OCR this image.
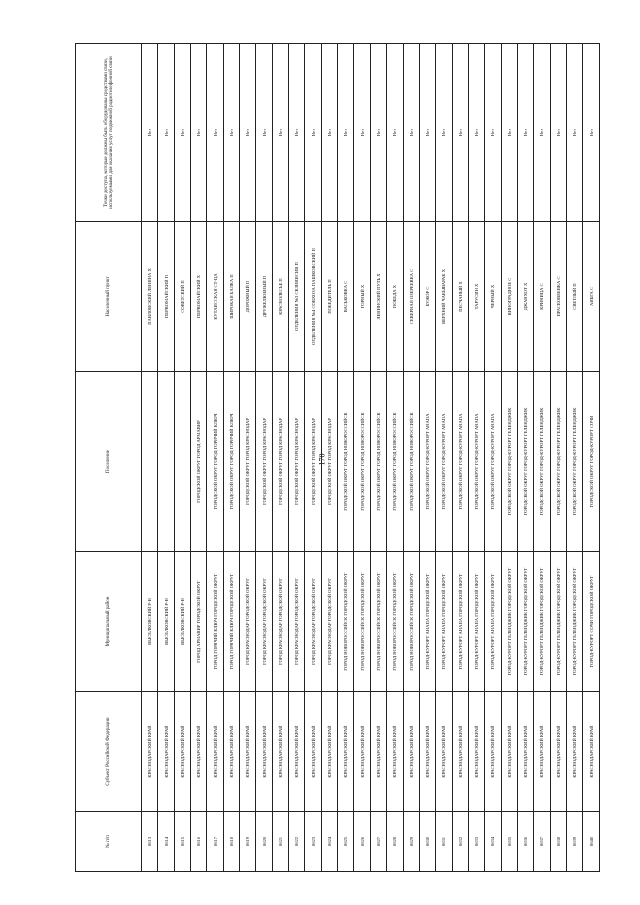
170
№ п/п	Субъект Российской Федерации	Муниципальный район	Поселение	Населенный пункт	Точки доступа, которые должны быть оборудованы средствами связи, используемыми для оказания услуг подвижной радиотелефонной связи
8613	КРАСНОДАРСКИЙ КРАЙ	ВЫСЕЛКОВСКИЙ Р-Н		ПАВЛОВСКИЙ ЛЕНИНА Х	Нет
8614	КРАСНОДАРСКИЙ КРАЙ	ВЫСЕЛКОВСКИЙ Р-Н		ПЕРВОМАЙСКИЙ П	Нет
8615	КРАСНОДАРСКИЙ КРАЙ	ВЫСЕЛКОВСКИЙ Р-Н		СОВЕТСКИЙ П	Нет
8616	КРАСНОДАРСКИЙ КРАЙ	ГОРОД АРМАВИР ГОРОДСКОЙ ОКРУГ	ГОРОДСКОЙ ОКРУГ ГОРОД АРМАВИР	ПЕРВОМАЙСКИЙ Х	Нет
8617	КРАСНОДАРСКИЙ КРАЙ	ГОРОД ГОРЯЧИЙ КЛЮЧ ГОРОДСКОЙ ОКРУГ	ГОРОДСКОЙ ОКРУГ ГОРОД ГОРЯЧИЙ КЛЮЧ	КУТАИССКАЯ СТ-ЦА	Нет
8618	КРАСНОДАРСКИЙ КРАЙ	ГОРОД ГОРЯЧИЙ КЛЮЧ ГОРОДСКОЙ ОКРУГ	ГОРОДСКОЙ ОКРУГ ГОРОД ГОРЯЧИЙ КЛЮЧ	ШИРОКАЯ БАЛКА П	Нет
8619	КРАСНОДАРСКИЙ КРАЙ	ГОРОД КРАСНОДАР ГОРОДСКОЙ ОКРУГ	ГОРОДСКОЙ ОКРУГ ГОРОД КРАСНОДАР	ДОРОЖНЫЙ П	Нет
8620	КРАСНОДАРСКИЙ КРАЙ	ГОРОД КРАСНОДАР ГОРОДСКОЙ ОКРУГ	ГОРОДСКОЙ ОКРУГ ГОРОД КРАСНОДАР	ДРУЖЕЛЮБНЫЙ П	Нет
8621	КРАСНОДАРСКИЙ КРАЙ	ГОРОД КРАСНОДАР ГОРОДСКОЙ ОКРУГ	ГОРОДСКОЙ ОКРУГ ГОРОД КРАСНОДАР	КРАСНОЛЕСЬЕ П	Нет
8622	КРАСНОДАРСКИЙ КРАЙ	ГОРОД КРАСНОДАР ГОРОДСКОЙ ОКРУГ	ГОРОДСКОЙ ОКРУГ ГОРОД КРАСНОДАР	ОТДЕЛЕНИЯ №3 СКЗНИИСИВ П	Нет
8623	КРАСНОДАРСКИЙ КРАЙ	ГОРОД КРАСНОДАР ГОРОДСКОЙ ОКРУГ	ГОРОДСКОЙ ОКРУГ ГОРОД КРАСНОДАР	ОТДЕЛЕНИЯ №4 СОВХОЗА ПАШКОВСКИЙ П	Нет
8624	КРАСНОДАРСКИЙ КРАЙ	ГОРОД КРАСНОДАР ГОРОДСКОЙ ОКРУГ	ГОРОДСКОЙ ОКРУГ ГОРОД КРАСНОДАР	ПОБЕДИТЕЛЬ П	Нет
8625	КРАСНОДАРСКИЙ КРАЙ	ГОРОД НОВОРОССИЙСК ГОРОДСКОЙ ОКРУГ	ГОРОДСКОЙ ОКРУГ ГОРОД НОВОРОССИЙСК	ВАСЬКОВКА С	Нет
8626	КРАСНОДАРСКИЙ КРАЙ	ГОРОД НОВОРОССИЙСК ГОРОДСКОЙ ОКРУГ	ГОРОДСКОЙ ОКРУГ ГОРОД НОВОРОССИЙСК	ГОРНЫЙ Х	Нет
8627	КРАСНОДАРСКИЙ КРАЙ	ГОРОД НОВОРОССИЙСК ГОРОДСКОЙ ОКРУГ	ГОРОДСКОЙ ОКРУГ ГОРОД НОВОРОССИЙСК	ЛЕНИНСКИЙ ПУТЬ Х	Нет
8628	КРАСНОДАРСКИЙ КРАЙ	ГОРОД НОВОРОССИЙСК ГОРОДСКОЙ ОКРУГ	ГОРОДСКОЙ ОКРУГ ГОРОД НОВОРОССИЙСК	ПОБЕДА Х	Нет
8629	КРАСНОДАРСКИЙ КРАЙ	ГОРОД НОВОРОССИЙСК ГОРОДСКОЙ ОКРУГ	ГОРОДСКОЙ ОКРУГ ГОРОД НОВОРОССИЙСК	СЕВЕРНАЯ ОЗЕРЕЕВКА С	Нет
8630	КРАСНОДАРСКИЙ КРАЙ	ГОРОД-КУРОРТ АНАПА ГОРОДСКОЙ ОКРУГ	ГОРОДСКОЙ ОКРУГ ГОРОД-КУРОРТ АНАПА	БУЖОР С	Нет
8631	КРАСНОДАРСКИЙ КРАЙ	ГОРОД-КУРОРТ АНАПА ГОРОДСКОЙ ОКРУГ	ГОРОДСКОЙ ОКРУГ ГОРОД-КУРОРТ АНАПА	ВЕРХНИЙ ЧАКЫВАРАК Х	Нет
8632	КРАСНОДАРСКИЙ КРАЙ	ГОРОД-КУРОРТ АНАПА ГОРОДСКОЙ ОКРУГ	ГОРОДСКОЙ ОКРУГ ГОРОД-КУРОРТ АНАПА	ПЕСЧАНЫЙ Х	Нет
8633	КРАСНОДАРСКИЙ КРАЙ	ГОРОД-КУРОРТ АНАПА ГОРОДСКОЙ ОКРУГ	ГОРОДСКОЙ ОКРУГ ГОРОД-КУРОРТ АНАПА	ТАРУСИН Х	Нет
8634	КРАСНОДАРСКИЙ КРАЙ	ГОРОД-КУРОРТ АНАПА ГОРОДСКОЙ ОКРУГ	ГОРОДСКОЙ ОКРУГ ГОРОД-КУРОРТ АНАПА	ЧЕРНЫЙ Х	Нет
8635	КРАСНОДАРСКИЙ КРАЙ	ГОРОД-КУРОРТ ГЕЛЕНДЖИК ГОРОДСКОЙ ОКРУГ	ГОРОДСКОЙ ОКРУГ ГОРОД-КУРОРТ ГЕЛЕНДЖИК	ВИНОГРАДНОЕ С	Нет
8636	КРАСНОДАРСКИЙ КРАЙ	ГОРОД-КУРОРТ ГЕЛЕНДЖИК ГОРОДСКОЙ ОКРУГ	ГОРОДСКОЙ ОКРУГ ГОРОД-КУРОРТ ГЕЛЕНДЖИК	ДЖАНХОТ Х	Нет
8637	КРАСНОДАРСКИЙ КРАЙ	ГОРОД-КУРОРТ ГЕЛЕНДЖИК ГОРОДСКОЙ ОКРУГ	ГОРОДСКОЙ ОКРУГ ГОРОД-КУРОРТ ГЕЛЕНДЖИК	КРИНИЦА С	Нет
8638	КРАСНОДАРСКИЙ КРАЙ	ГОРОД-КУРОРТ ГЕЛЕНДЖИК ГОРОДСКОЙ ОКРУГ	ГОРОДСКОЙ ОКРУГ ГОРОД-КУРОРТ ГЕЛЕНДЖИК	ПРАСКОВЕЕВКА С	Нет
8639	КРАСНОДАРСКИЙ КРАЙ	ГОРОД-КУРОРТ ГЕЛЕНДЖИК ГОРОДСКОЙ ОКРУГ	ГОРОДСКОЙ ОКРУГ ГОРОД-КУРОРТ ГЕЛЕНДЖИК	СВЕТЛЫЙ П	Нет
8640	КРАСНОДАРСКИЙ КРАЙ	ГОРОД-КУРОРТ СОЧИ ГОРОДСКОЙ ОКРУГ	ГОРОДСКОЙ ОКРУГ ГОРОД-КУРОРТ СОЧИ	АИБГА С	Нет
